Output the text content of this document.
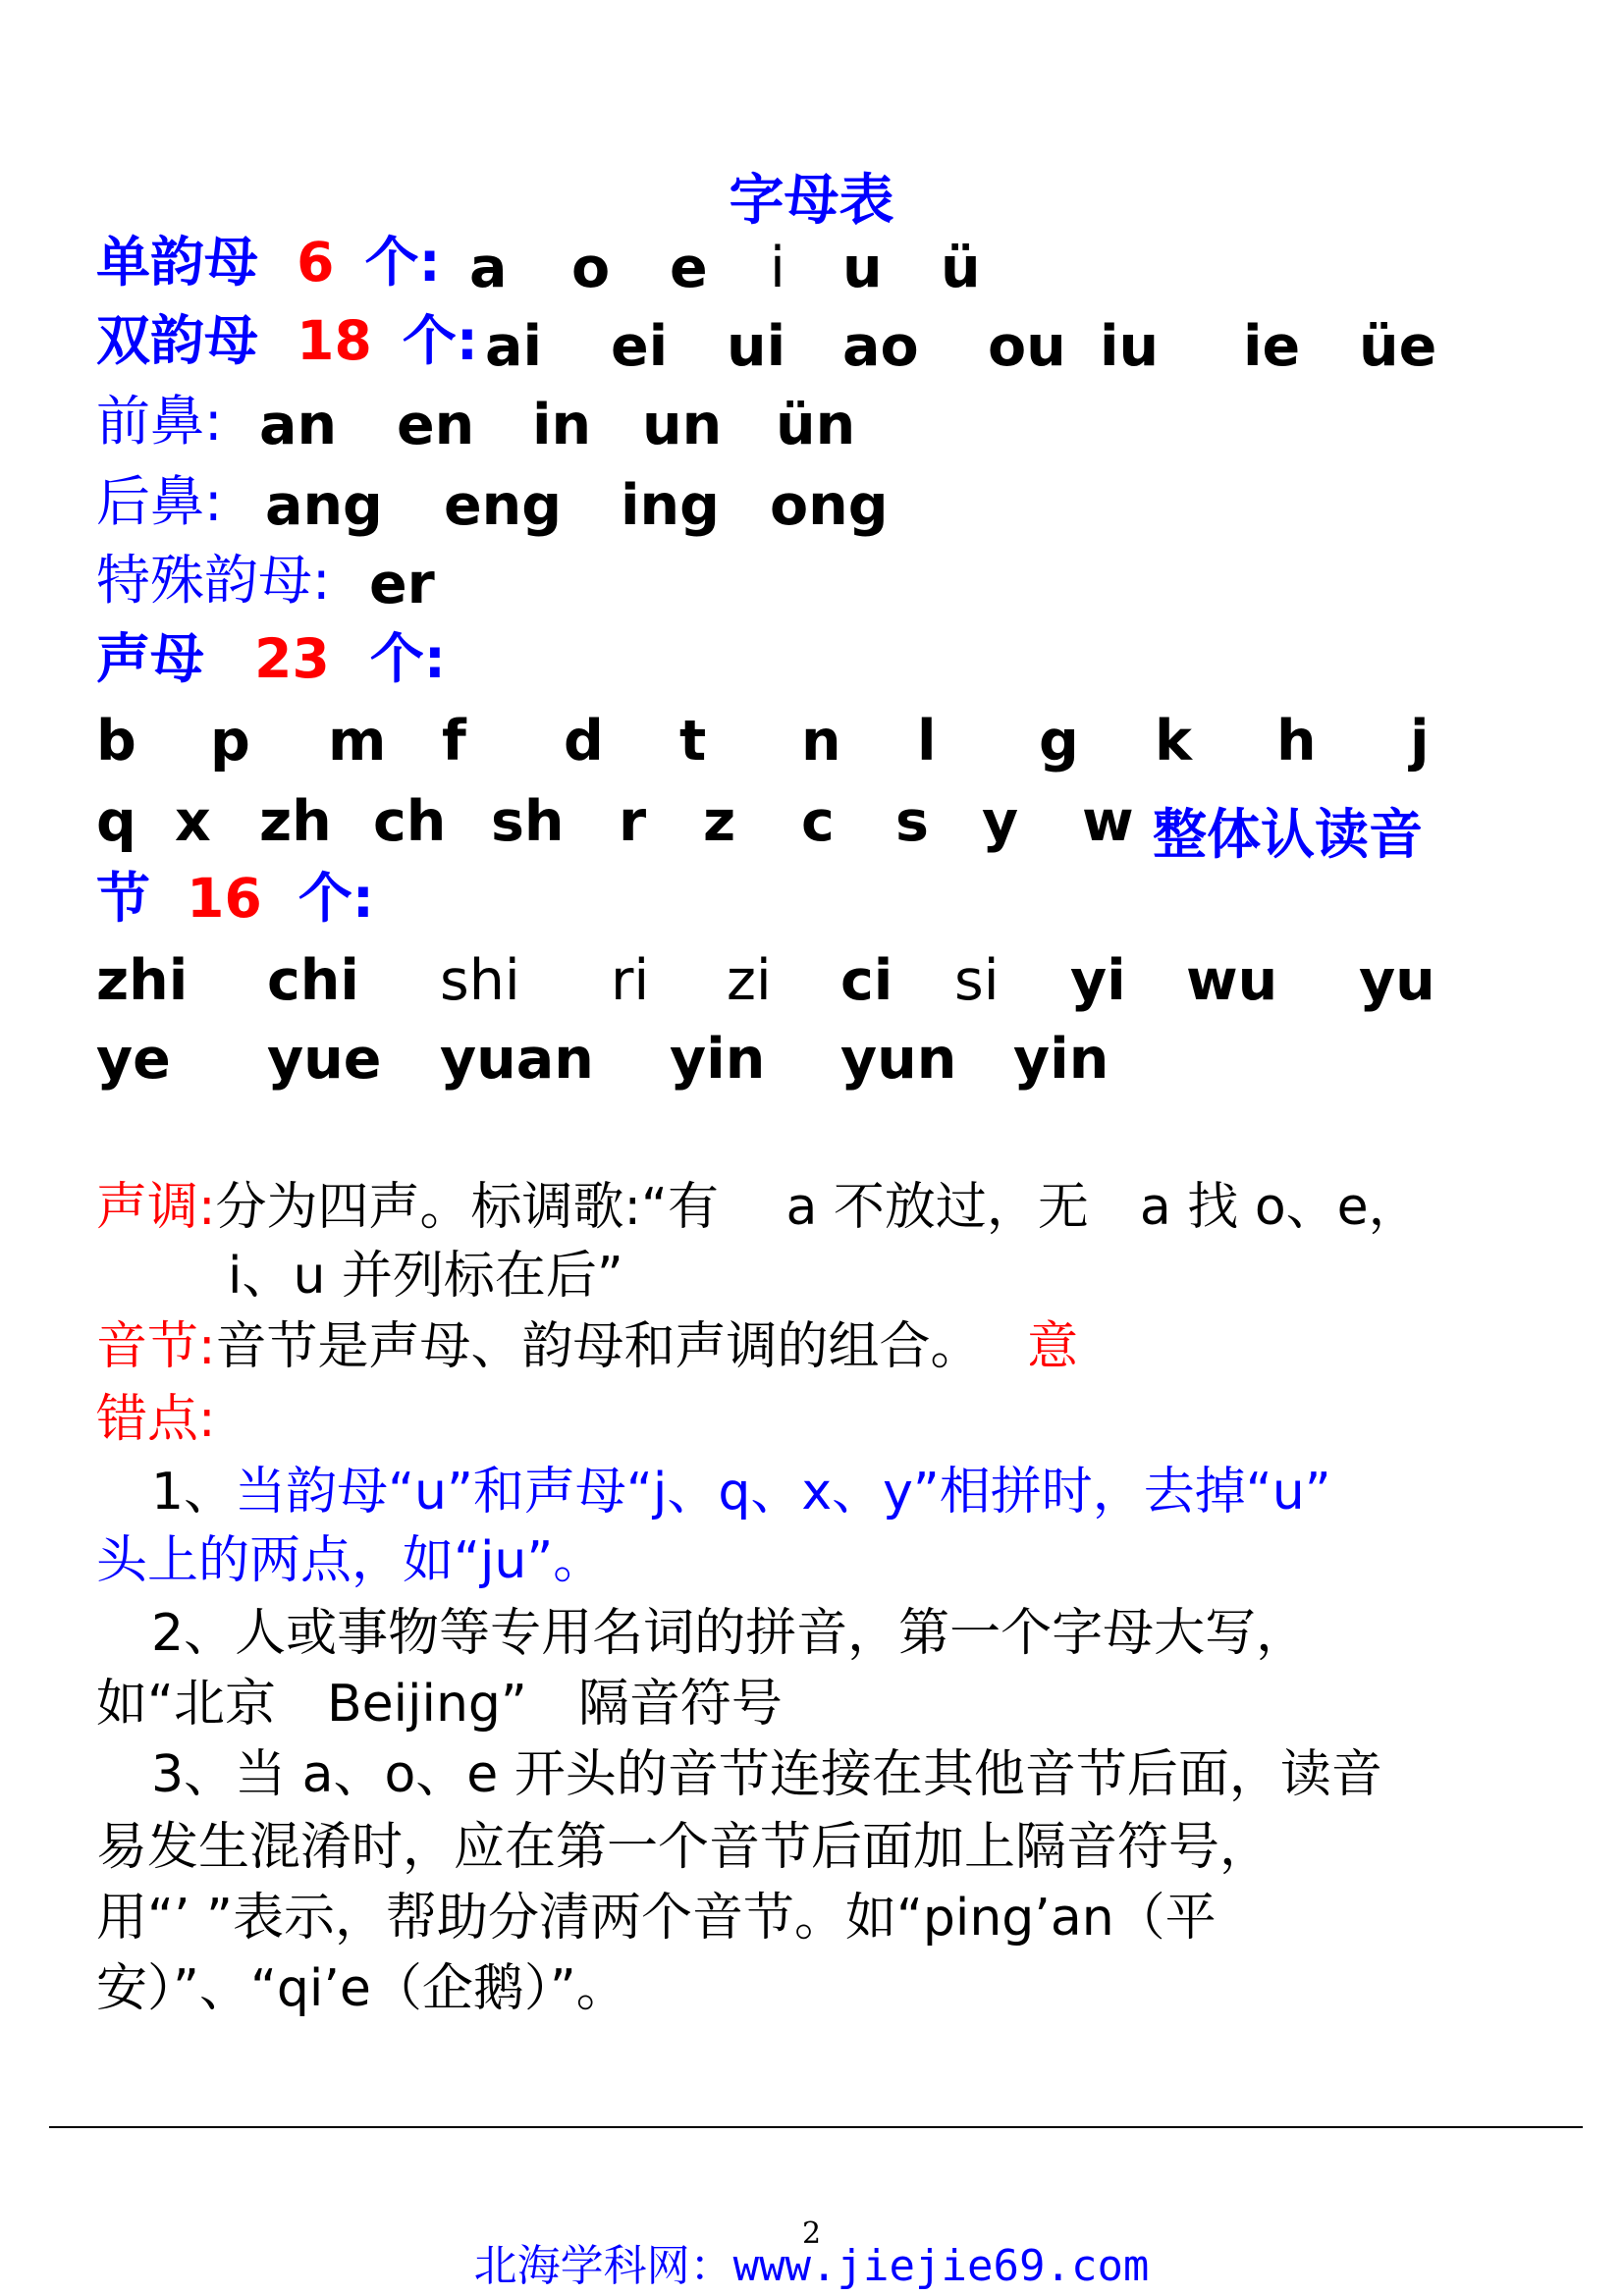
字母表
单韵母 6 个: a o e i u ü
双韵母 18 个: ai ei ui ao ou iu ie üe
前鼻: an en in un ün
后鼻: ang eng ing ong
特殊韵母: er
声母 23 个:
b p m f d t n l g k h j
q x zh ch sh r z c s y w 整体认读音
节 16 个:
zhi chi shi ri zi ci si yi wu yu
ye yue yuan yin yun yin
声调:分为四声。标调歌:“有　 a 不放过，无　a 找 o、e，
i、u 并列标在后”
音节:音节是声母、韵母和声调的组合。 意
错点:
1、当韵母“u”和声母“j、q、x、y”相拼时，去掉“u”
头上的两点，如“ju”。
2、人或事物等专用名词的拼音，第一个字母大写，
如“北京　Beijing”　隔音符号
3、当 a、o、e 开头的音节连接在其他音节后面，读音
易发生混淆时，应在第一个音节后面加上隔音符号，
用“’ ”表示，帮助分清两个音节。如“ping’an（平
安）”、“qi’e（企鹅）”。
2
北海学科网：www.jiejie69.com
